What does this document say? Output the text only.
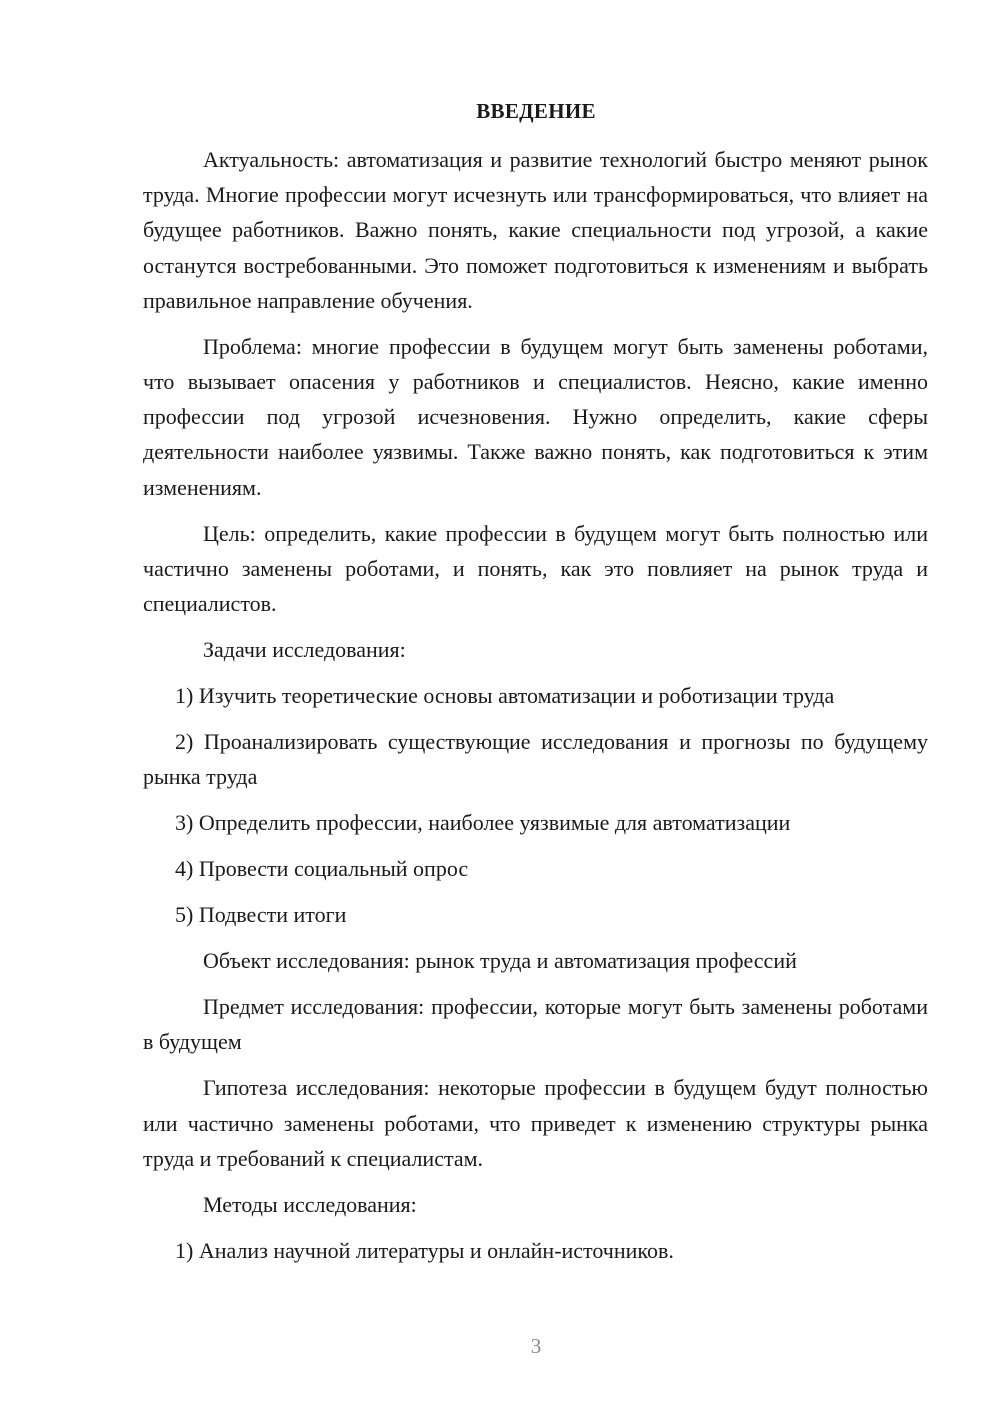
ВВЕДЕНИЕ

Актуальность: автоматизация и развитие технологий быстро меняют рынок труда. Многие профессии могут исчезнуть или трансформироваться, что влияет на будущее работников. Важно понять, какие специальности под угрозой, а какие останутся востребованными. Это поможет подготовиться к изменениям и выбрать правильное направление обучения.

Проблема: многие профессии в будущем могут быть заменены роботами, что вызывает опасения у работников и специалистов. Неясно, какие именно профессии под угрозой исчезновения. Нужно определить, какие сферы деятельности наиболее уязвимы. Также важно понять, как подготовиться к этим изменениям.

Цель: определить, какие профессии в будущем могут быть полностью или частично заменены роботами, и понять, как это повлияет на рынок труда и специалистов.

Задачи исследования:

1) Изучить теоретические основы автоматизации и роботизации труда

2) Проанализировать существующие исследования и прогнозы по будущему рынка труда

3) Определить профессии, наиболее уязвимые для автоматизации

4) Провести социальный опрос

5) Подвести итоги

Объект исследования: рынок труда и автоматизация профессий

Предмет исследования: профессии, которые могут быть заменены роботами в будущем

Гипотеза исследования: некоторые профессии в будущем будут полностью или частично заменены роботами, что приведет к изменению структуры рынка труда и требований к специалистам.

Методы исследования:

1) Анализ научной литературы и онлайн-источников.

3
